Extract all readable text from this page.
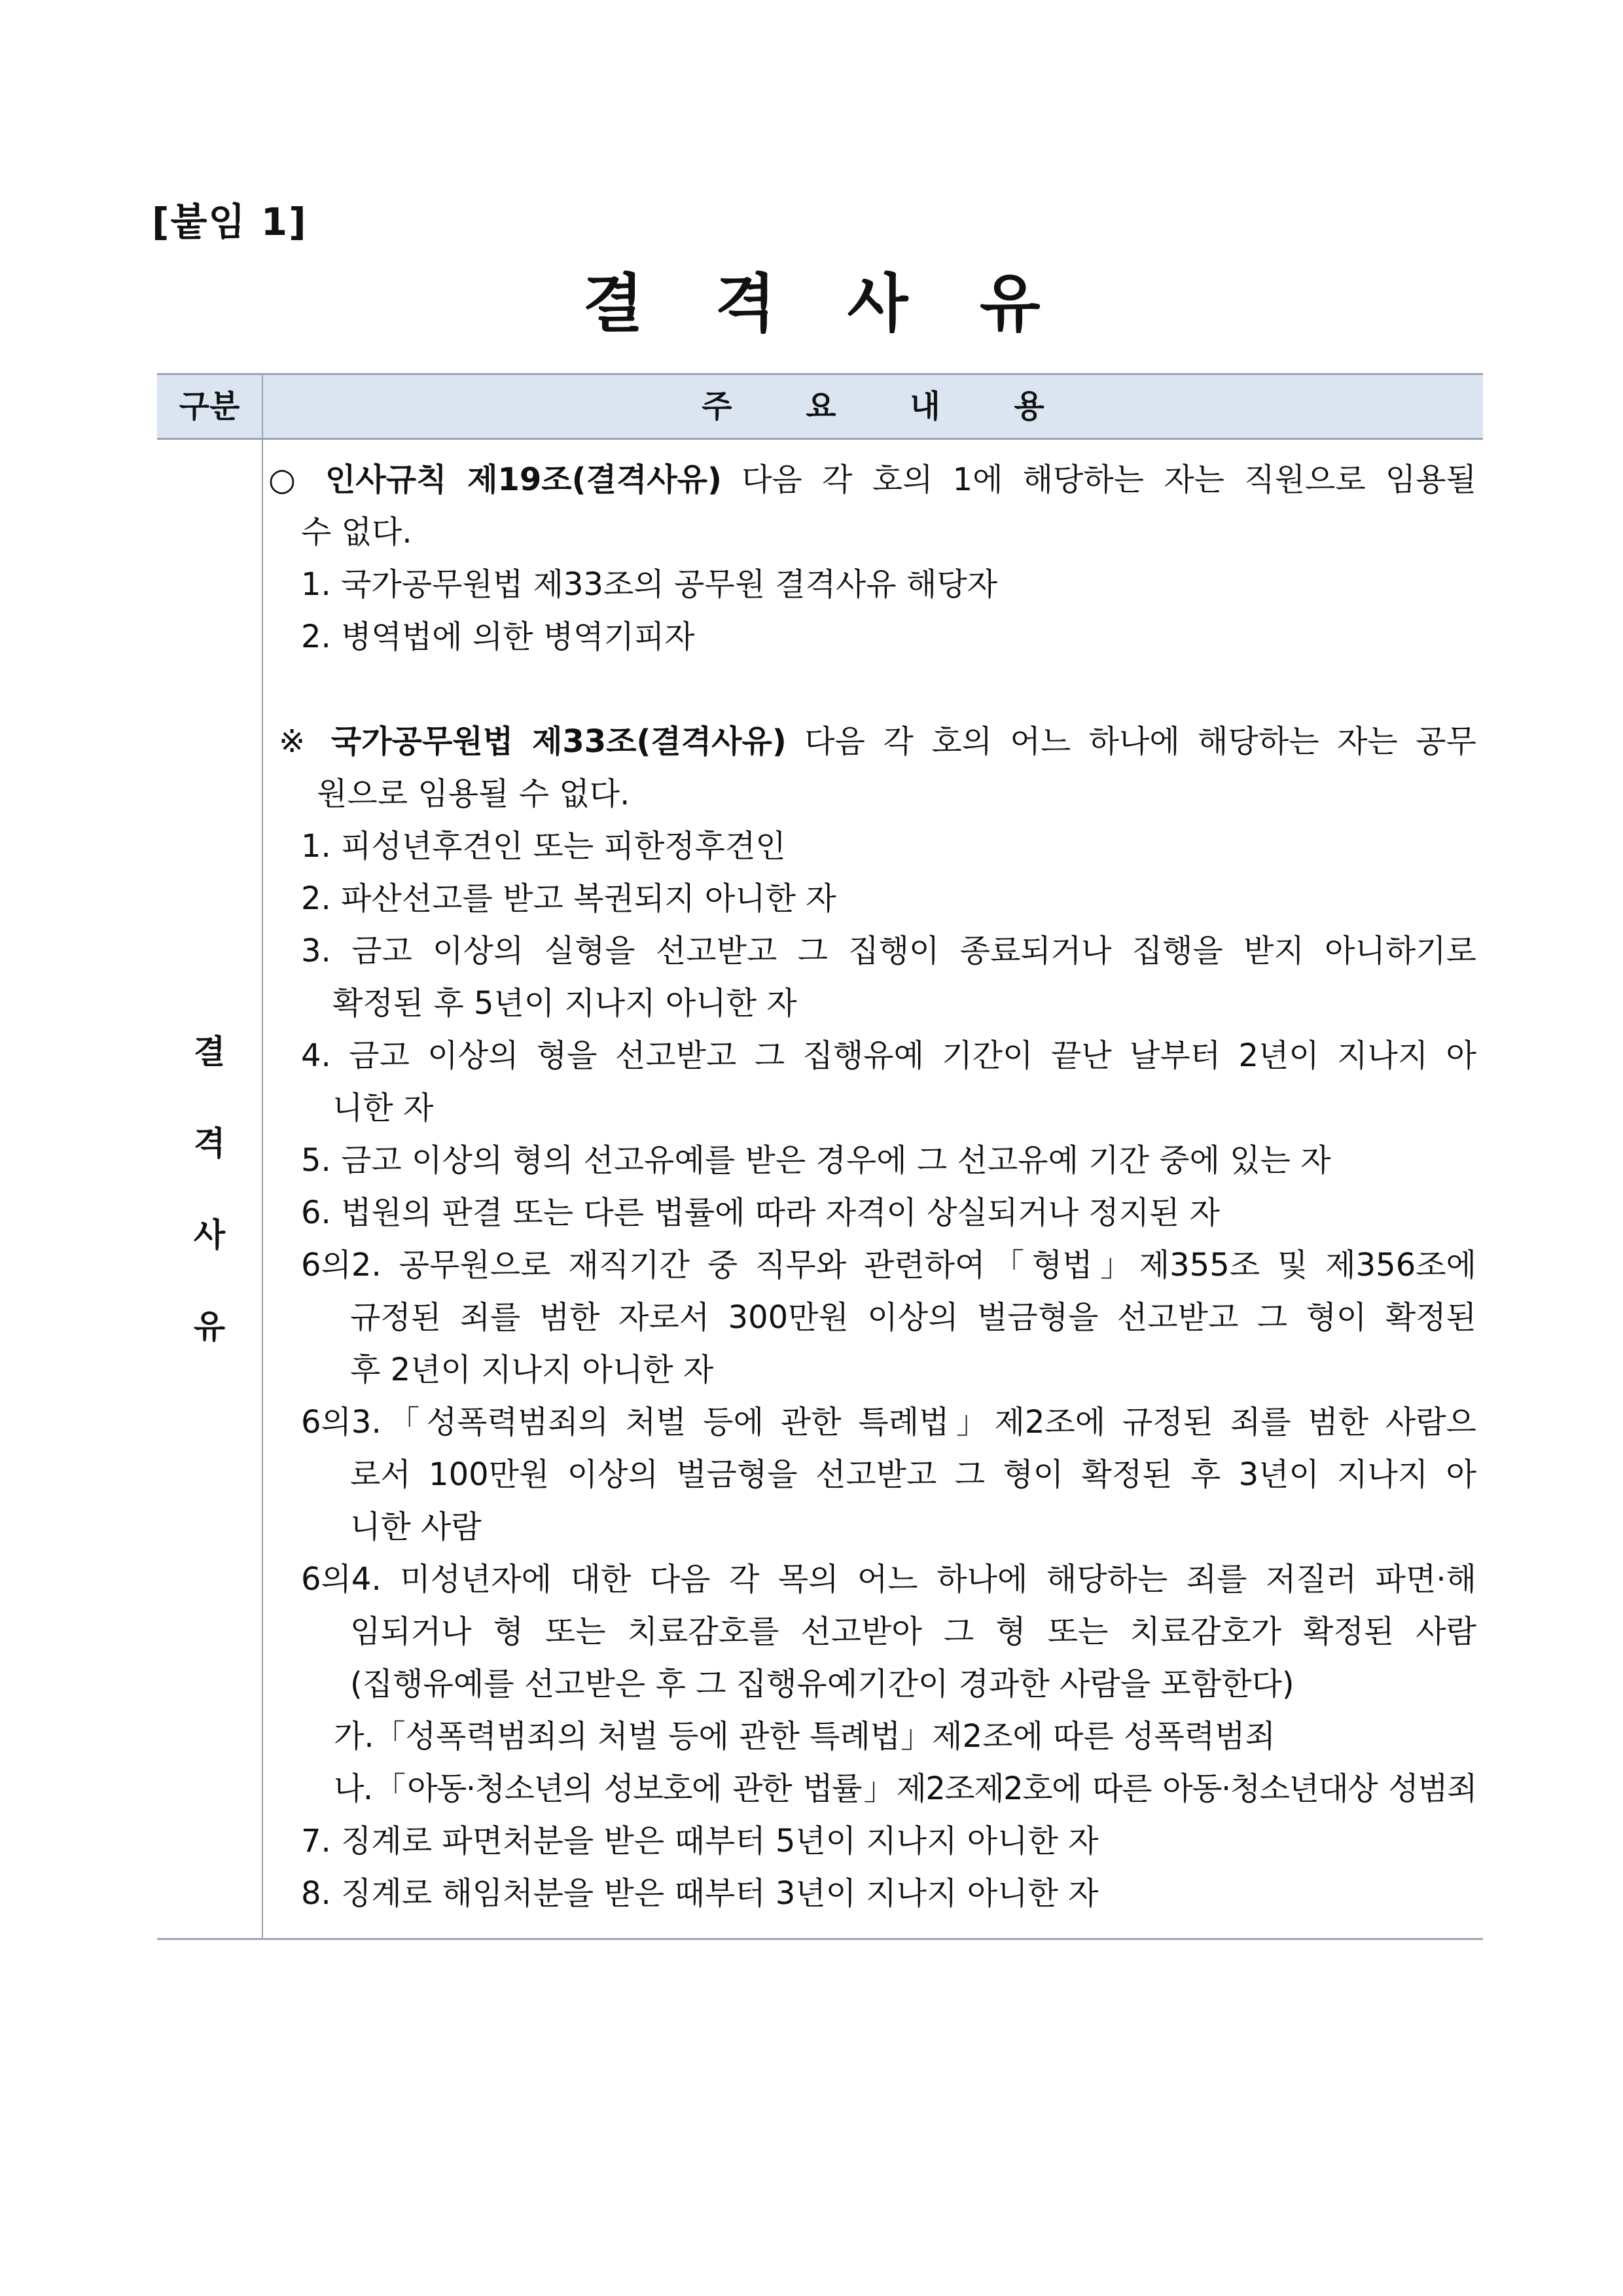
[붙임 1]
결 격 사 유
구분	주 요 내 용
결
격
사
유
○ 인사규칙 제19조(결격사유) 다음 각 호의 1에 해당하는 자는 직원으로 임용될
수 없다.
1. 국가공무원법 제33조의 공무원 결격사유 해당자
2. 병역법에 의한 병역기피자
※ 국가공무원법 제33조(결격사유) 다음 각 호의 어느 하나에 해당하는 자는 공무
원으로 임용될 수 없다.
1. 피성년후견인 또는 피한정후견인
2. 파산선고를 받고 복권되지 아니한 자
3. 금고 이상의 실형을 선고받고 그 집행이 종료되거나 집행을 받지 아니하기로
확정된 후 5년이 지나지 아니한 자
4. 금고 이상의 형을 선고받고 그 집행유예 기간이 끝난 날부터 2년이 지나지 아
니한 자
5. 금고 이상의 형의 선고유예를 받은 경우에 그 선고유예 기간 중에 있는 자
6. 법원의 판결 또는 다른 법률에 따라 자격이 상실되거나 정지된 자
6의2. 공무원으로 재직기간 중 직무와 관련하여「형법」제355조 및 제356조에
규정된 죄를 범한 자로서 300만원 이상의 벌금형을 선고받고 그 형이 확정된
후 2년이 지나지 아니한 자
6의3.「성폭력범죄의 처벌 등에 관한 특례법」제2조에 규정된 죄를 범한 사람으
로서 100만원 이상의 벌금형을 선고받고 그 형이 확정된 후 3년이 지나지 아
니한 사람
6의4. 미성년자에 대한 다음 각 목의 어느 하나에 해당하는 죄를 저질러 파면·해
임되거나 형 또는 치료감호를 선고받아 그 형 또는 치료감호가 확정된 사람
(집행유예를 선고받은 후 그 집행유예기간이 경과한 사람을 포함한다)
가.「성폭력범죄의 처벌 등에 관한 특례법」제2조에 따른 성폭력범죄
나.「아동·청소년의 성보호에 관한 법률」제2조제2호에 따른 아동·청소년대상 성범죄
7. 징계로 파면처분을 받은 때부터 5년이 지나지 아니한 자
8. 징계로 해임처분을 받은 때부터 3년이 지나지 아니한 자
